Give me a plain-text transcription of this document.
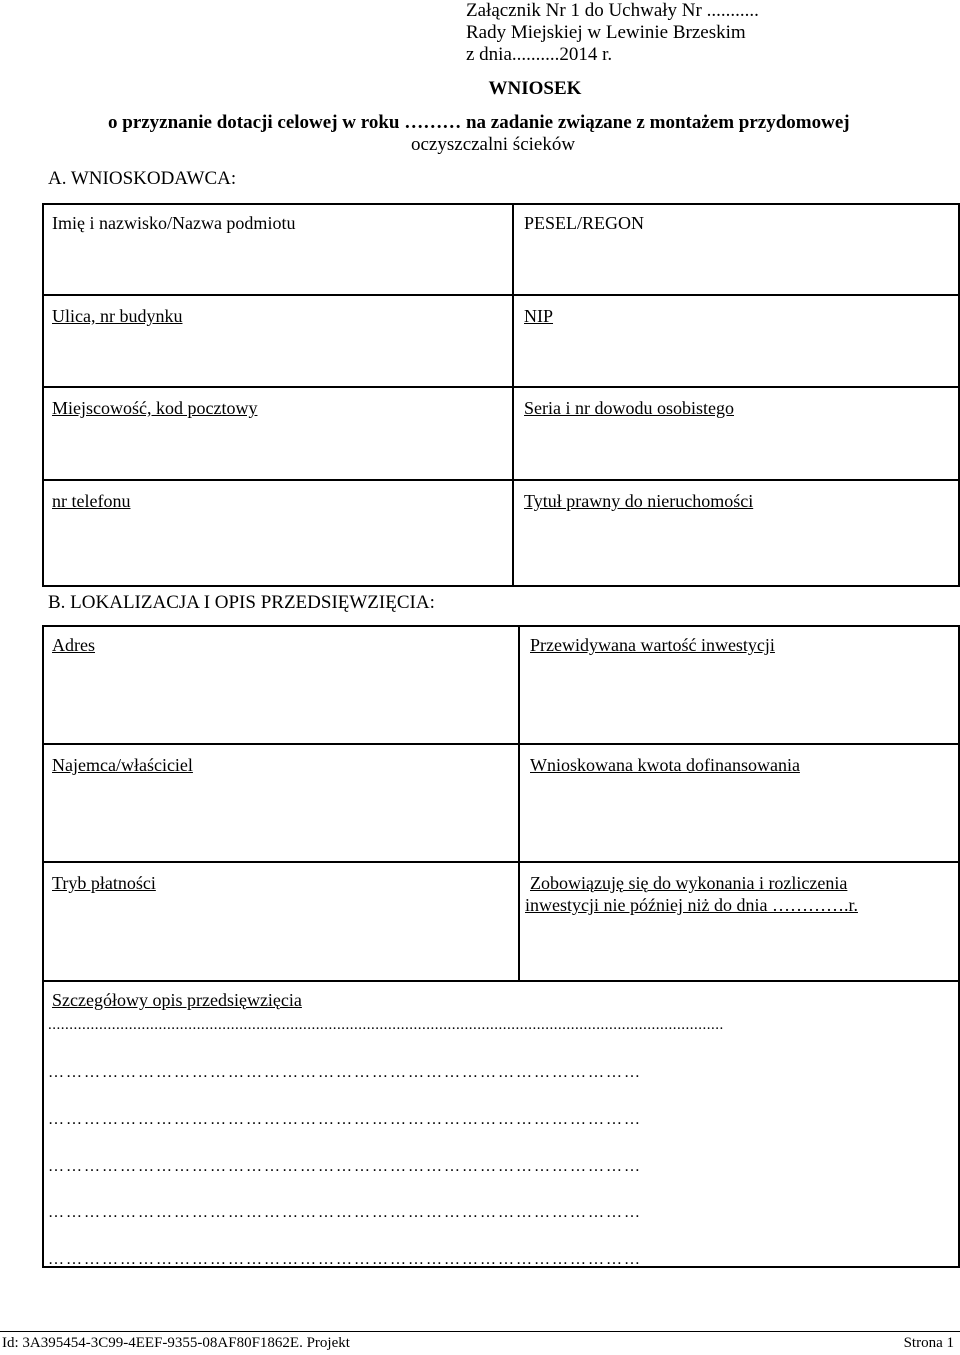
Załącznik Nr 1 do Uchwały Nr ...........
Rady Miejskiej w Lewinie Brzeskim
z dnia..........2014 r.
WNIOSEK
o przyznanie dotacji celowej w roku ……… na zadanie związane z montażem przydomowej
oczyszczalni ścieków
A. WNIOSKODAWCA:
Imię i nazwisko/Nazwa podmiotu	PESEL/REGON
Ulica, nr budynku	NIP
Miejscowość, kod pocztowy	Seria i nr dowodu osobistego
nr telefonu	Tytuł prawny do nieruchomości
B. LOKALIZACJA I OPIS PRZEDSIĘWZIĘCIA:
Adres	Przewidywana wartość inwestycji
Najemca/właściciel	Wnioskowana kwota dofinansowania
Tryb płatności	Zobowiązuję się do wykonania i rozliczenia
inwestycji nie później niż do dnia ………….r.
Szczegółowy opis przedsięwzięcia
...............................................................................................................................................................
………………………………………………………………………………………
………………………………………………………………………………………
………………………………………………………………………………………
………………………………………………………………………………………
………………………………………………………………………………………
Id: 3A395454-3C99-4EEF-9355-08AF80F1862E. Projekt	Strona 1
